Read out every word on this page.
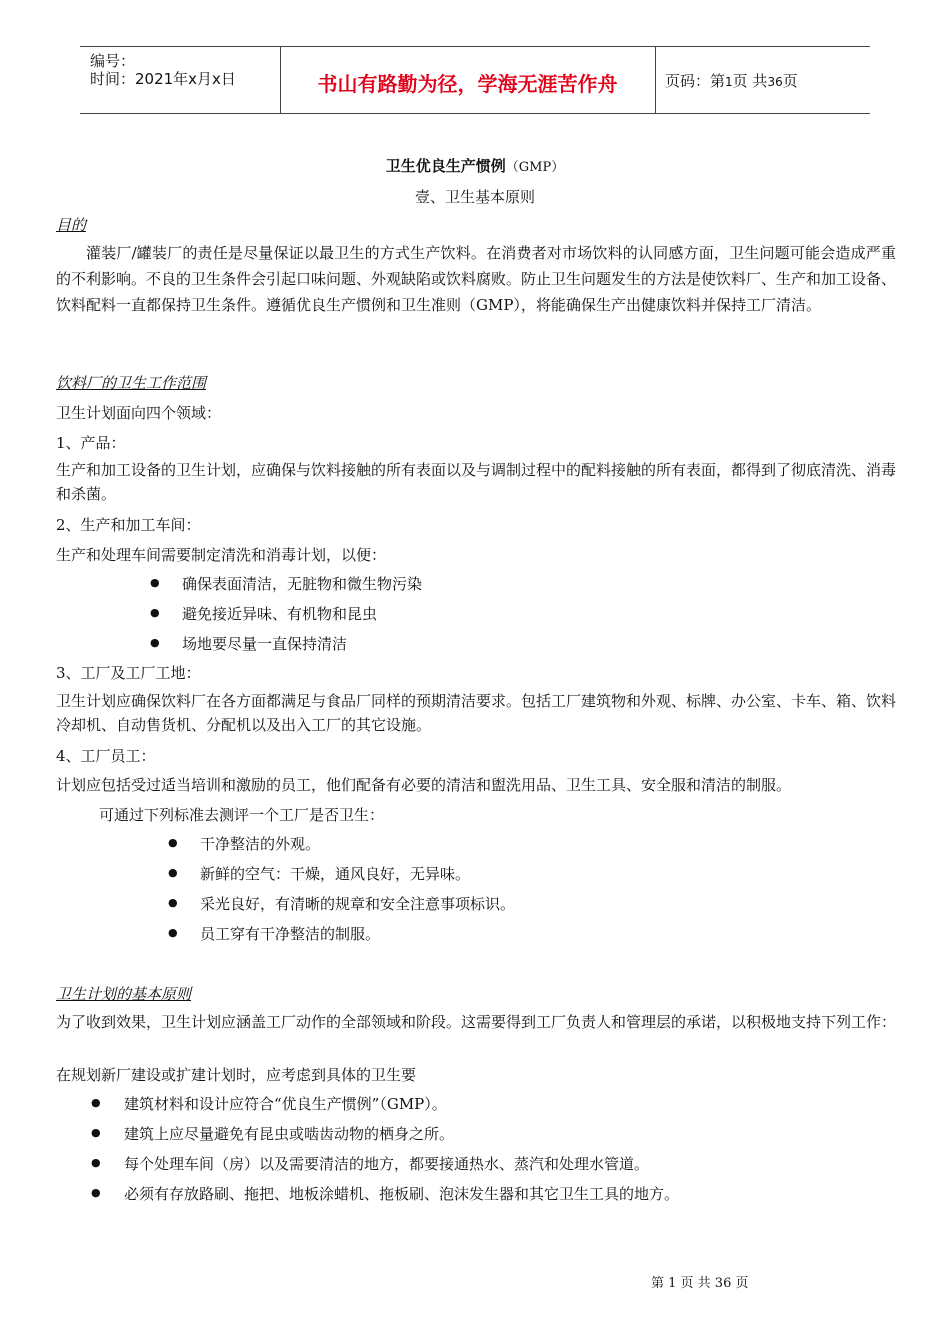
编号：
时间：2021年x月x日	书山有路勤为径，学海无涯苦作舟	页码：第1页 共36页
卫生优良生产惯例（GMP）
壹、卫生基本原则
目的
灌装厂/罐装厂的责任是尽量保证以最卫生的方式生产饮料。在消费者对市场饮料的认同感方面，卫生问题可能会造成严重的不利影响。不良的卫生条件会引起口味问题、外观缺陷或饮料腐败。防止卫生问题发生的方法是使饮料厂、生产和加工设备、饮料配料一直都保持卫生条件。遵循优良生产惯例和卫生准则（GMP），将能确保生产出健康饮料并保持工厂清洁。
饮料厂的卫生工作范围
卫生计划面向四个领域：
1、产品：
生产和加工设备的卫生计划，应确保与饮料接触的所有表面以及与调制过程中的配料接触的所有表面，都得到了彻底清洗、消毒和杀菌。
2、生产和加工车间：
生产和处理车间需要制定清洗和消毒计划，以便：
● 确保表面清洁，无脏物和微生物污染
● 避免接近异味、有机物和昆虫
● 场地要尽量一直保持清洁
3、工厂及工厂工地：
卫生计划应确保饮料厂在各方面都满足与食品厂同样的预期清洁要求。包括工厂建筑物和外观、标牌、办公室、卡车、箱、饮料冷却机、自动售货机、分配机以及出入工厂的其它设施。
4、工厂员工：
计划应包括受过适当培训和激励的员工，他们配备有必要的清洁和盥洗用品、卫生工具、安全服和清洁的制服。
可通过下列标准去测评一个工厂是否卫生：
● 干净整洁的外观。
● 新鲜的空气：干燥，通风良好，无异味。
● 采光良好，有清晰的规章和安全注意事项标识。
● 员工穿有干净整洁的制服。
卫生计划的基本原则
为了收到效果，卫生计划应涵盖工厂动作的全部领域和阶段。这需要得到工厂负责人和管理层的承诺，以积极地支持下列工作：
在规划新厂建设或扩建计划时，应考虑到具体的卫生要
● 建筑材料和设计应符合“优良生产惯例”（GMP）。
● 建筑上应尽量避免有昆虫或啮齿动物的栖身之所。
● 每个处理车间（房）以及需要清洁的地方，都要接通热水、蒸汽和处理水管道。
● 必须有存放路刷、拖把、地板涂蜡机、拖板刷、泡沫发生器和其它卫生工具的地方。
第 1 页 共 36 页
